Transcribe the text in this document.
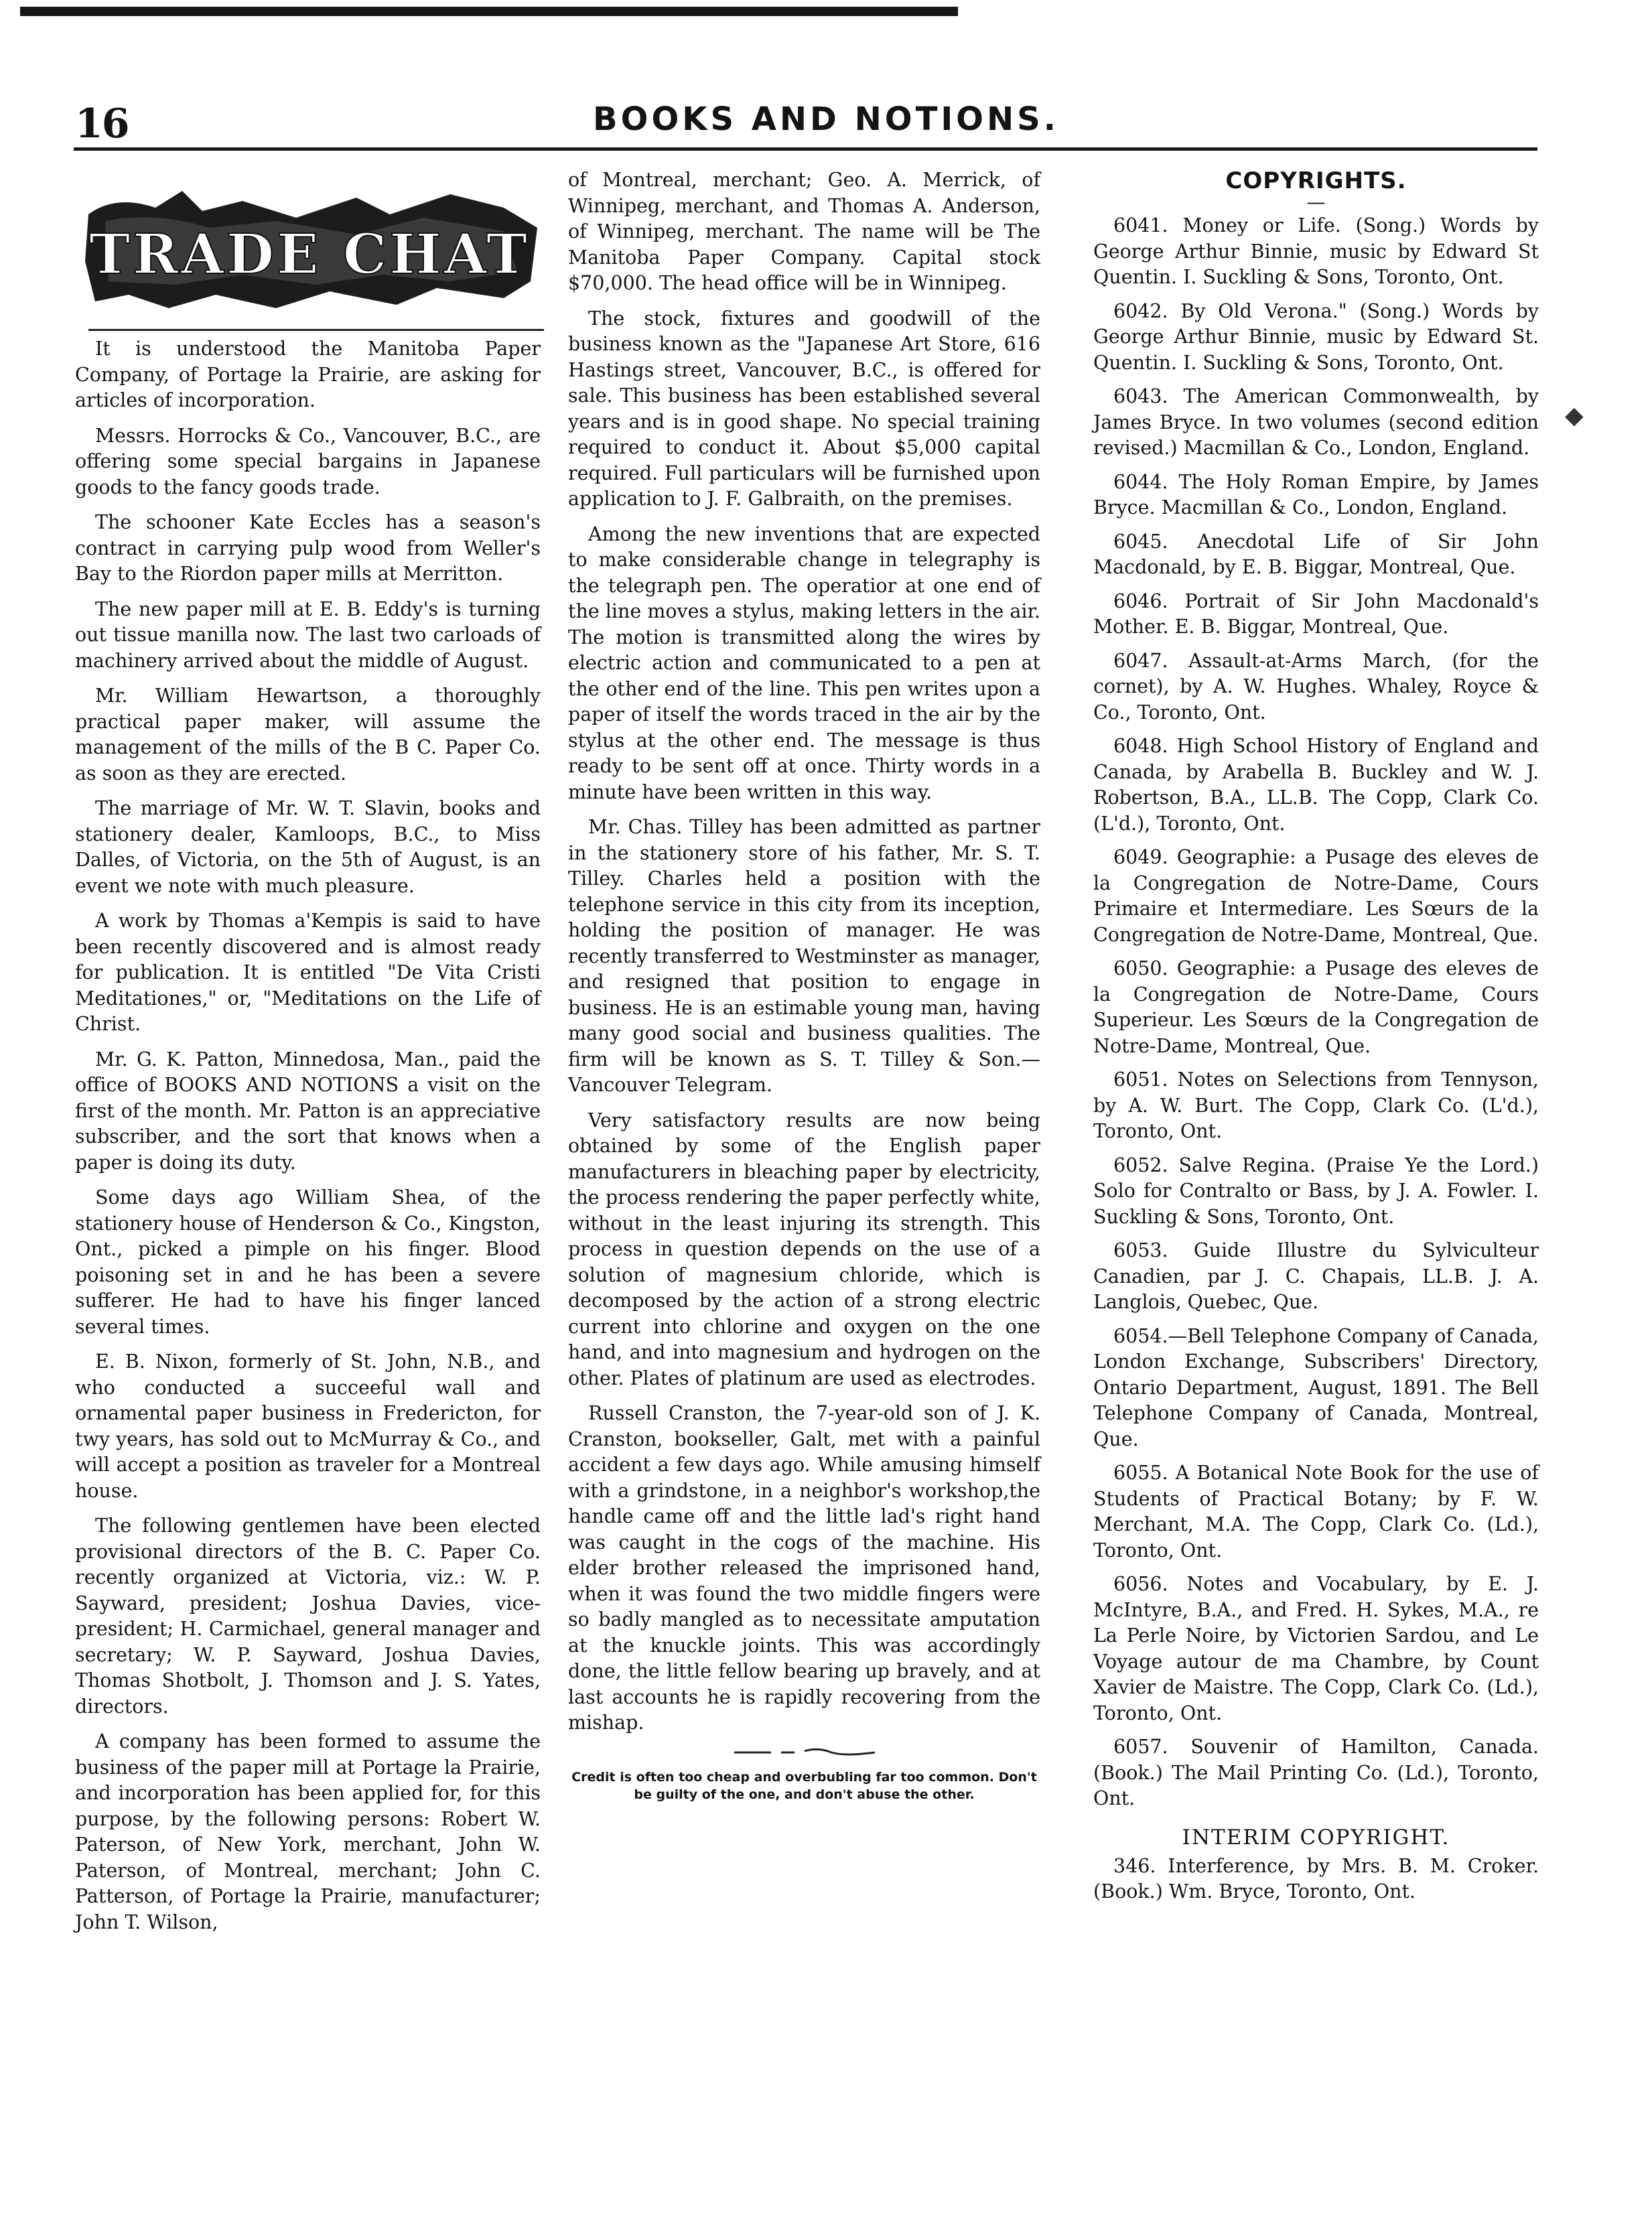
16	BOOKS AND NOTIONS.
TRADE CHAT

It is understood the Manitoba Paper Company, of Portage la Prairie, are asking for articles of incorporation.

Messrs. Horrocks & Co., Vancouver, B.C., are offering some special bargains in Japanese goods to the fancy goods trade.

The schooner Kate Eccles has a season's contract in carrying pulp wood from Weller's Bay to the Riordon paper mills at Merritton.

The new paper mill at E. B. Eddy's is turning out tissue manilla now. The last two carloads of machinery arrived about the middle of August.

Mr. William Hewartson, a thoroughly practical paper maker, will assume the management of the mills of the B C. Paper Co. as soon as they are erected.

The marriage of Mr. W. T. Slavin, books and stationery dealer, Kamloops, B.C., to Miss Dalles, of Victoria, on the 5th of August, is an event we note with much pleasure.

A work by Thomas a'Kempis is said to have been recently discovered and is almost ready for publication. It is entitled "De Vita Cristi Meditationes," or, "Meditations on the Life of Christ.

Mr. G. K. Patton, Minnedosa, Man., paid the office of BOOKS AND NOTIONS a visit on the first of the month. Mr. Patton is an appreciative subscriber, and the sort that knows when a paper is doing its duty.

Some days ago William Shea, of the stationery house of Henderson & Co., Kingston, Ont., picked a pimple on his finger. Blood poisoning set in and he has been a severe sufferer. He had to have his finger lanced several times.

E. B. Nixon, formerly of St. John, N.B., and who conducted a succeeful wall and ornamental paper business in Fredericton, for twy years, has sold out to McMurray & Co., and will accept a position as traveler for a Montreal house.

The following gentlemen have been elected provisional directors of the B. C. Paper Co. recently organized at Victoria, viz.: W. P. Sayward, president; Joshua Davies, vice-president; H. Carmichael, general manager and secretary; W. P. Sayward, Joshua Davies, Thomas Shotbolt, J. Thomson and J. S. Yates, directors.

A company has been formed to assume the business of the paper mill at Portage la Prairie, and incorporation has been applied for, for this purpose, by the following persons: Robert W. Paterson, of New York, merchant, John W. Paterson, of Montreal, merchant; John C. Patterson, of Portage la Prairie, manufacturer; John T. Wilson,

of Montreal, merchant; Geo. A. Merrick, of Winnipeg, merchant, and Thomas A. Anderson, of Winnipeg, merchant. The name will be The Manitoba Paper Company. Capital stock $70,000. The head office will be in Winnipeg.

The stock, fixtures and goodwill of the business known as the "Japanese Art Store, 616 Hastings street, Vancouver, B.C., is offered for sale. This business has been established several years and is in good shape. No special training required to conduct it. About $5,000 capital required. Full particulars will be furnished upon application to J. F. Galbraith, on the premises.

Among the new inventions that are expected to make considerable change in telegraphy is the telegraph pen. The operatior at one end of the line moves a stylus, making letters in the air. The motion is transmitted along the wires by electric action and communicated to a pen at the other end of the line. This pen writes upon a paper of itself the words traced in the air by the stylus at the other end. The message is thus ready to be sent off at once. Thirty words in a minute have been written in this way.

Mr. Chas. Tilley has been admitted as partner in the stationery store of his father, Mr. S. T. Tilley. Charles held a position with the telephone service in this city from its inception, holding the position of manager. He was recently transferred to Westminster as manager, and resigned that position to engage in business. He is an estimable young man, having many good social and business qualities. The firm will be known as S. T. Tilley & Son.—Vancouver Telegram.

Very satisfactory results are now being obtained by some of the English paper manufacturers in bleaching paper by electricity, the process rendering the paper perfectly white, without in the least injuring its strength. This process in question depends on the use of a solution of magnesium chloride, which is decomposed by the action of a strong electric current into chlorine and oxygen on the one hand, and into magnesium and hydrogen on the other. Plates of platinum are used as electrodes.

Russell Cranston, the 7-year-old son of J. K. Cranston, bookseller, Galt, met with a painful accident a few days ago. While amusing himself with a grindstone, in a neighbor's workshop,the handle came off and the little lad's right hand was caught in the cogs of the machine. His elder brother released the imprisoned hand, when it was found the two middle fingers were so badly mangled as to necessitate amputation at the knuckle joints. This was accordingly done, the little fellow bearing up bravely, and at last accounts he is rapidly recovering from the mishap.

Credit is often too cheap and overbubling far too common. Don't be guilty of the one, and don't abuse the other.

COPYRIGHTS.
—
6041. Money or Life. (Song.) Words by George Arthur Binnie, music by Edward St Quentin. I. Suckling & Sons, Toronto, Ont.
6042. By Old Verona." (Song.) Words by George Arthur Binnie, music by Edward St. Quentin. I. Suckling & Sons, Toronto, Ont.
6043. The American Commonwealth, by James Bryce. In two volumes (second edition revised.) Macmillan & Co., London, England.
6044. The Holy Roman Empire, by James Bryce. Macmillan & Co., London, England.
6045. Anecdotal Life of Sir John Macdonald, by E. B. Biggar, Montreal, Que.
6046. Portrait of Sir John Macdonald's Mother. E. B. Biggar, Montreal, Que.
6047. Assault-at-Arms March, (for the cornet), by A. W. Hughes. Whaley, Royce & Co., Toronto, Ont.
6048. High School History of England and Canada, by Arabella B. Buckley and W. J. Robertson, B.A., LL.B. The Copp, Clark Co. (L'd.), Toronto, Ont.
6049. Geographie: a Pusage des eleves de la Congregation de Notre-Dame, Cours Primaire et Intermediare. Les Sœurs de la Congregation de Notre-Dame, Montreal, Que.
6050. Geographie: a Pusage des eleves de la Congregation de Notre-Dame, Cours Superieur. Les Sœurs de la Congregation de Notre-Dame, Montreal, Que.
6051. Notes on Selections from Tennyson, by A. W. Burt. The Copp, Clark Co. (L'd.), Toronto, Ont.
6052. Salve Regina. (Praise Ye the Lord.) Solo for Contralto or Bass, by J. A. Fowler. I. Suckling & Sons, Toronto, Ont.
6053. Guide Illustre du Sylviculteur Canadien, par J. C. Chapais, LL.B. J. A. Langlois, Quebec, Que.
6054.—Bell Telephone Company of Canada, London Exchange, Subscribers' Directory, Ontario Department, August, 1891. The Bell Telephone Company of Canada, Montreal, Que.
6055. A Botanical Note Book for the use of Students of Practical Botany; by F. W. Merchant, M.A. The Copp, Clark Co. (Ld.), Toronto, Ont.
6056. Notes and Vocabulary, by E. J. McIntyre, B.A., and Fred. H. Sykes, M.A., re La Perle Noire, by Victorien Sardou, and Le Voyage autour de ma Chambre, by Count Xavier de Maistre. The Copp, Clark Co. (Ld.), Toronto, Ont.
6057. Souvenir of Hamilton, Canada. (Book.) The Mail Printing Co. (Ld.), Toronto, Ont.
INTERIM COPYRIGHT.
346. Interference, by Mrs. B. M. Croker. (Book.) Wm. Bryce, Toronto, Ont.
◆
